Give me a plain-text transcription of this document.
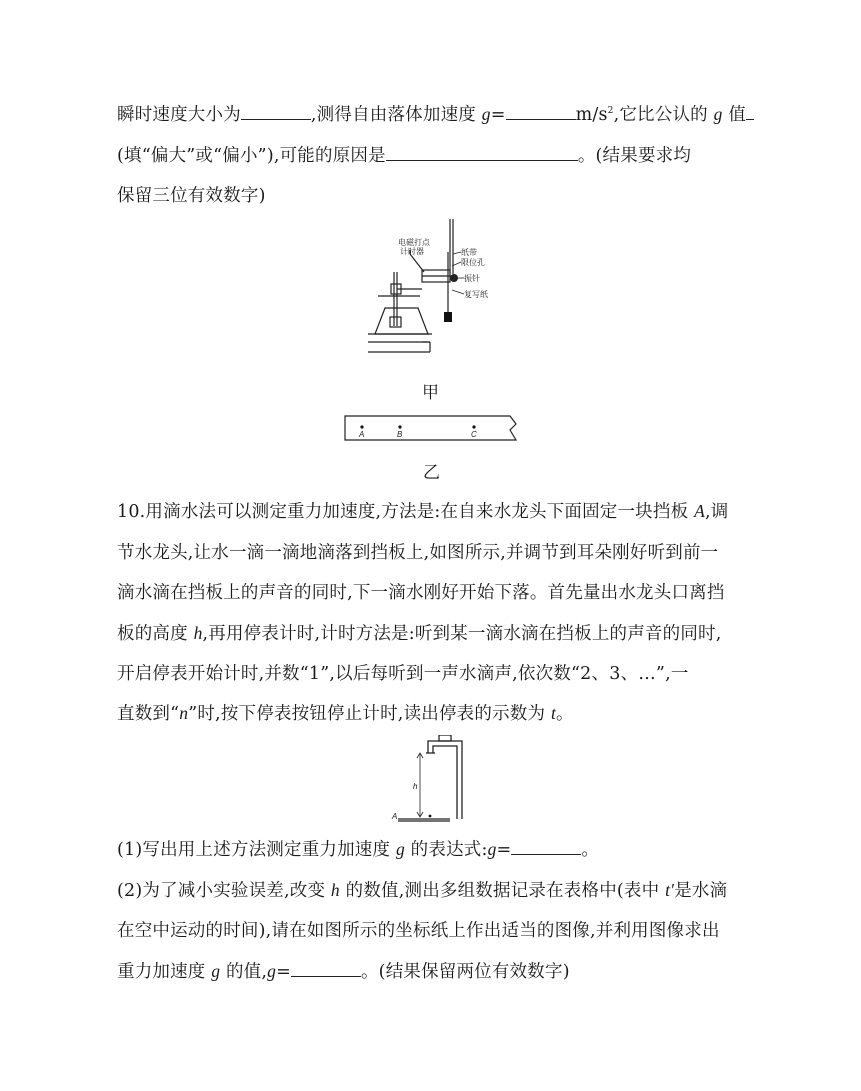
瞬时速度大小为	,测得自由落体加速度 g=	$m/s^2$,它比公认的 g 值
(填“偏大”或“偏小”),可能的原因是	。(结果要求均
保留三位有效数字)
电磁打点
计时器	纸带
限位孔
振针
复写纸
甲
A	B	C
乙
10.用滴水法可以测定重力加速度,方法是:在自来水龙头下面固定一块挡板 A,调
节水龙头,让水一滴一滴地滴落到挡板上,如图所示,并调节到耳朵刚好听到前一
滴水滴在挡板上的声音的同时,下一滴水刚好开始下落。首先量出水龙头口离挡
板的高度 h,再用停表计时,计时方法是:听到某一滴水滴在挡板上的声音的同时,
开启停表开始计时,并数“1”,以后每听到一声水滴声,依次数“2、3、…”,一
直数到“n”时,按下停表按钮停止计时,读出停表的示数为 t。
h
A
(1)写出用上述方法测定重力加速度 g 的表达式:g=	。
(2)为了减小实验误差,改变 h 的数值,测出多组数据记录在表格中(表中 t′是水滴
在空中运动的时间),请在如图所示的坐标纸上作出适当的图像,并利用图像求出
重力加速度 g 的值,g=	。(结果保留两位有效数字)
